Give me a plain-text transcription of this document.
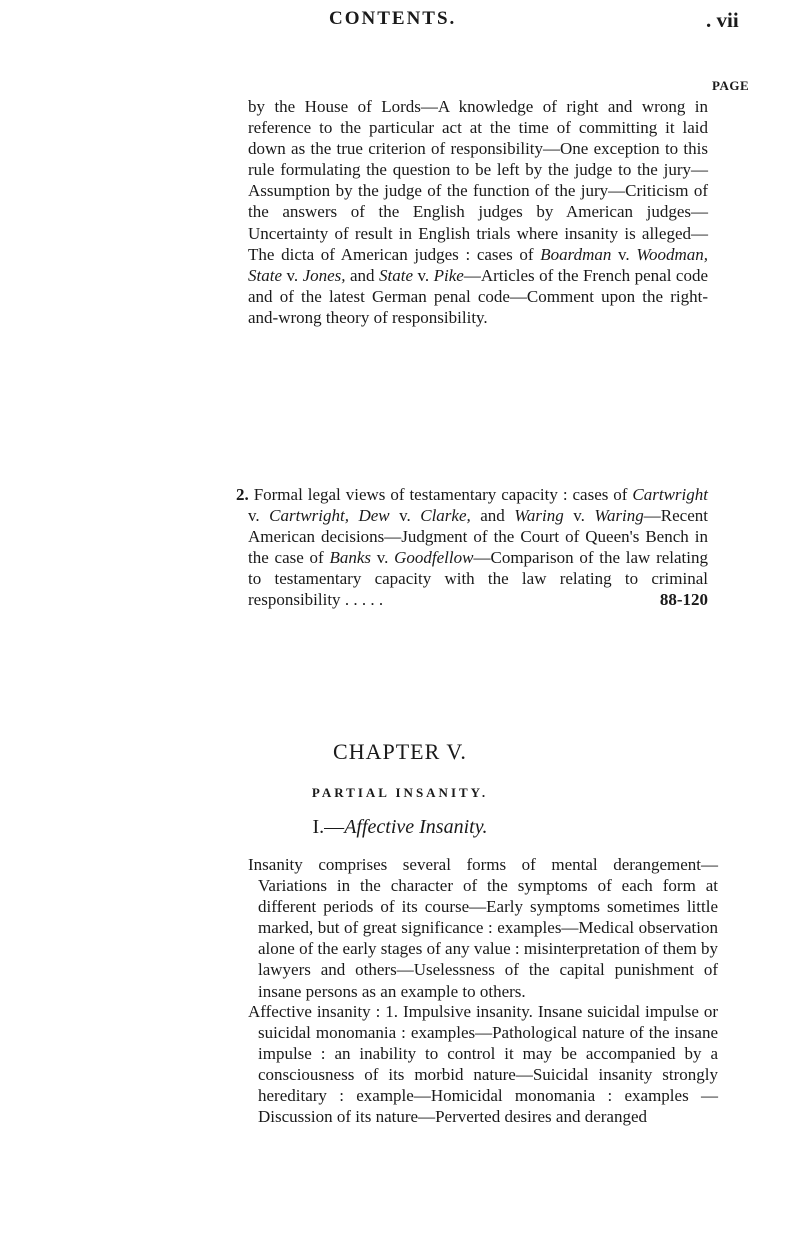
CONTENTS.	. vii
PAGE

by the House of Lords—A knowledge of right and wrong in reference to the particular act at the time of committing it laid down as the true criterion of responsibility—One exception to this rule formulating the question to be left by the judge to the jury—Assumption by the judge of the function of the jury—Criticism of the answers of the English judges by American judges—Uncertainty of result in English trials where insanity is alleged—The dicta of American judges : cases of Boardman v. Woodman, State v. Jones, and State v. Pike—Articles of the French penal code and of the latest German penal code—Comment upon the right-and-wrong theory of responsibility.

2. Formal legal views of testamentary capacity : cases of Cartwright v. Cartwright, Dew v. Clarke, and Waring v. Waring—Recent American decisions—Judgment of the Court of Queen's Bench in the case of Banks v. Goodfellow—Comparison of the law relating to testamentary capacity with the law relating to criminal responsibility . . . . .	88-120

CHAPTER V.
PARTIAL INSANITY.
I.—Affective Insanity.

Insanity comprises several forms of mental derangement—Variations in the character of the symptoms of each form at different periods of its course—Early symptoms sometimes little marked, but of great significance : examples—Medical observation alone of the early stages of any value : misinterpretation of them by lawyers and others—Uselessness of the capital punishment of insane persons as an example to others.

Affective insanity : 1. Impulsive insanity. Insane suicidal impulse or suicidal monomania : examples—Pathological nature of the insane impulse : an inability to control it may be accompanied by a consciousness of its morbid nature—Suicidal insanity strongly hereditary : example—Homicidal monomania : examples —Discussion of its nature—Perverted desires and deranged
